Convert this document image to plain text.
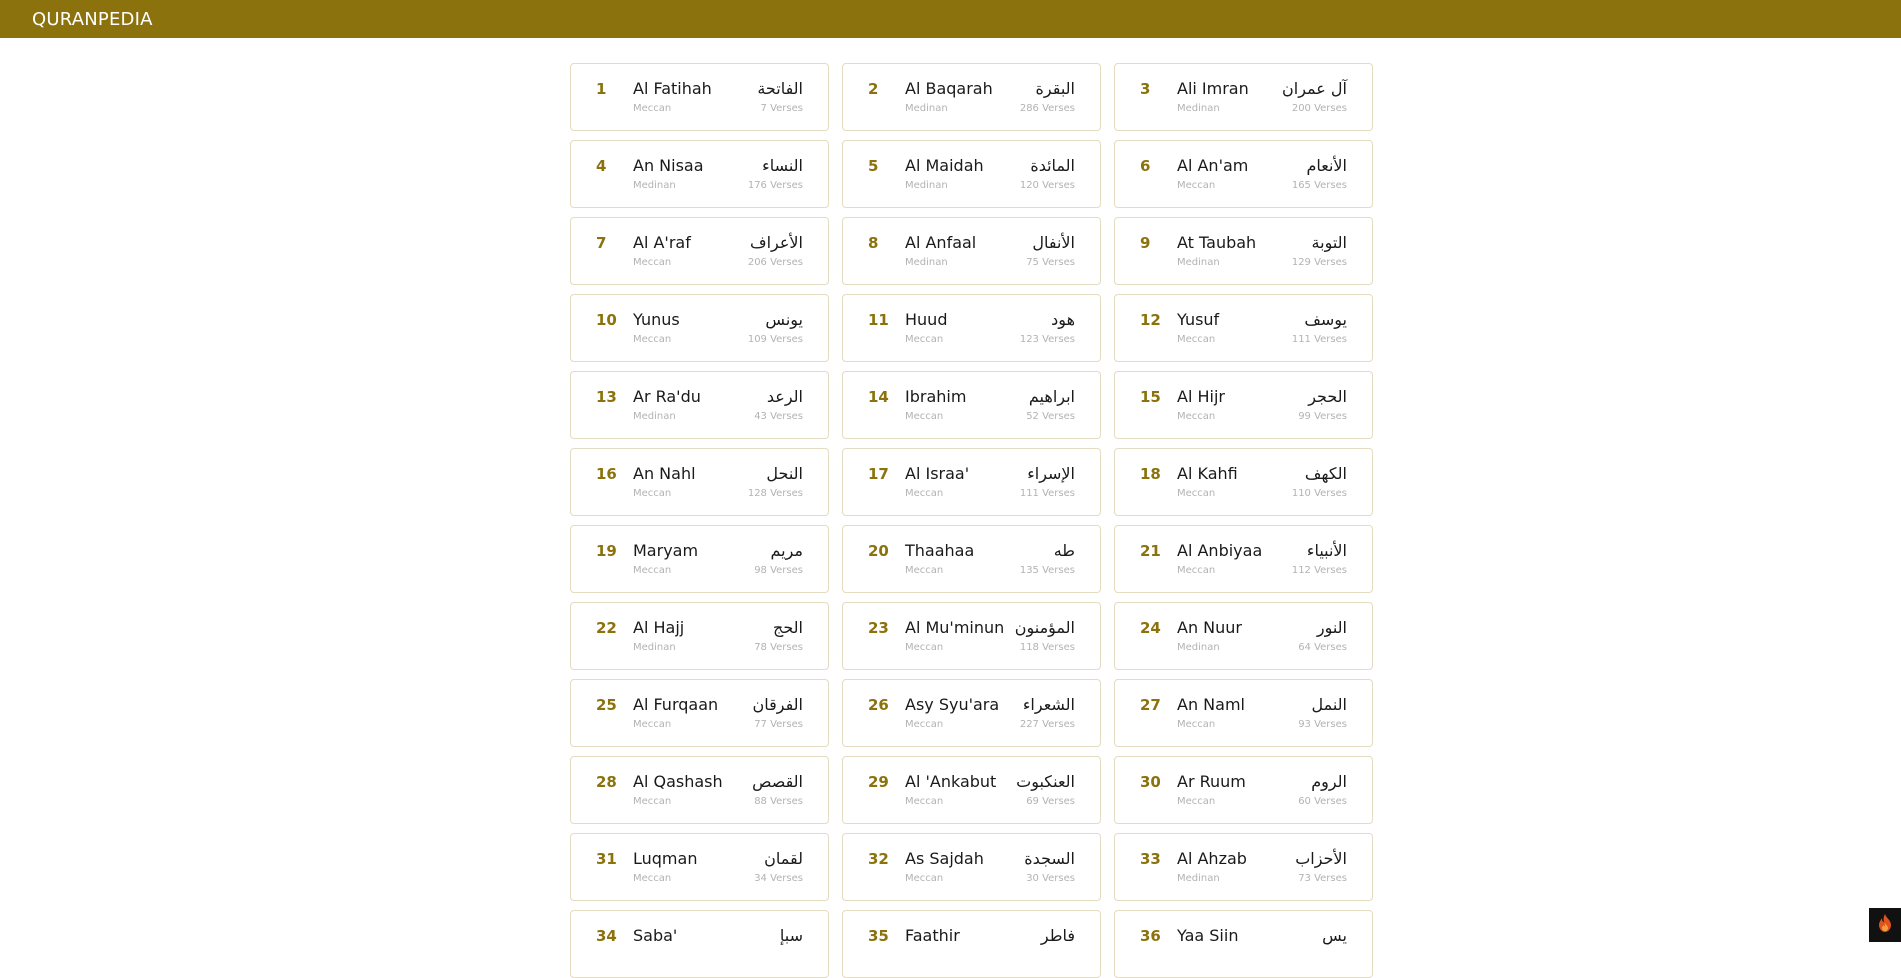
QURANPEDIA
1 Al Fatihah
Meccan
الفاتحة
7 Verses
2 Al Baqarah
Medinan
البقرة
286 Verses
3 Ali Imran
Medinan
آل عمران
200 Verses
4 An Nisaa
Medinan
النساء
176 Verses
5 Al Maidah
Medinan
المائدة
120 Verses
6 Al An'am
Meccan
الأنعام
165 Verses
7 Al A'raf
Meccan
الأعراف
206 Verses
8 Al Anfaal
Medinan
الأنفال
75 Verses
9 At Taubah
Medinan
التوبة
129 Verses
10 Yunus
Meccan
يونس
109 Verses
11 Huud
Meccan
هود
123 Verses
12 Yusuf
Meccan
يوسف
111 Verses
13 Ar Ra'du
Medinan
الرعد
43 Verses
14 Ibrahim
Meccan
ابراهيم
52 Verses
15 Al Hijr
Meccan
الحجر
99 Verses
16 An Nahl
Meccan
النحل
128 Verses
17 Al Israa'
Meccan
الإسراء
111 Verses
18 Al Kahfi
Meccan
الكهف
110 Verses
19 Maryam
Meccan
مريم
98 Verses
20 Thaahaa
Meccan
طه
135 Verses
21 Al Anbiyaa
Meccan
الأنبياء
112 Verses
22 Al Hajj
Medinan
الحج
78 Verses
23 Al Mu'minun
Meccan
المؤمنون
118 Verses
24 An Nuur
Medinan
النور
64 Verses
25 Al Furqaan
Meccan
الفرقان
77 Verses
26 Asy Syu'ara
Meccan
الشعراء
227 Verses
27 An Naml
Meccan
النمل
93 Verses
28 Al Qashash
Meccan
القصص
88 Verses
29 Al 'Ankabut
Meccan
العنكبوت
69 Verses
30 Ar Ruum
Meccan
الروم
60 Verses
31 Luqman
Meccan
لقمان
34 Verses
32 As Sajdah
Meccan
السجدة
30 Verses
33 Al Ahzab
Medinan
الأحزاب
73 Verses
34 Saba'	سبإ	35 Faathir	فاطر	36 Yaa Siin	يس
